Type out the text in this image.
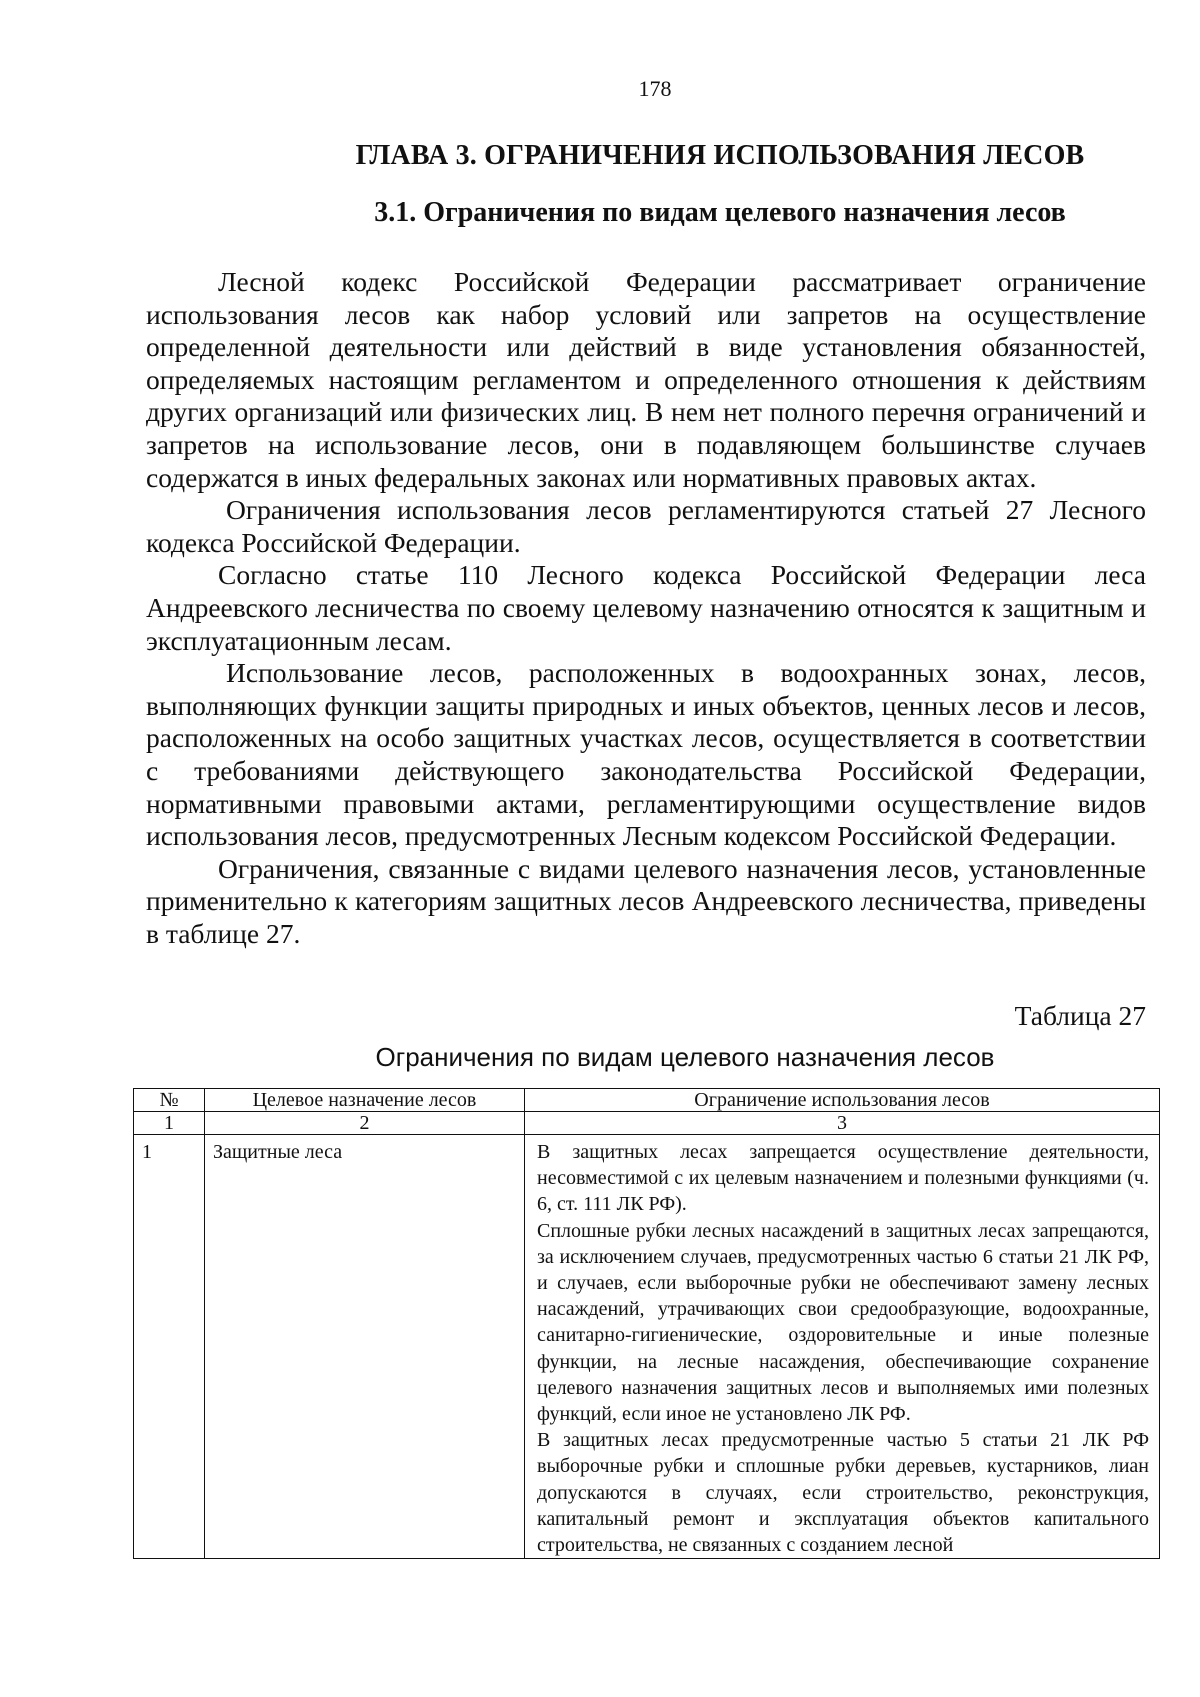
178
ГЛАВА 3. ОГРАНИЧЕНИЯ ИСПОЛЬЗОВАНИЯ ЛЕСОВ
3.1. Ограничения по видам целевого назначения лесов

Лесной кодекс Российской Федерации рассматривает ограничение использования лесов как набор условий или запретов на осуществление определенной деятельности или действий в виде установления обязанностей, определяемых настоящим регламентом и определенного отношения к действиям других организаций или физических лиц. В нем нет полного перечня ограничений и запретов на использование лесов, они в подавляющем большинстве случаев содержатся в иных федеральных законах или нормативных правовых актах.

Ограничения использования лесов регламентируются статьей 27 Лесного кодекса Российской Федерации.

Согласно статье 110 Лесного кодекса Российской Федерации леса Андреевского лесничества по своему целевому назначению относятся к защитным и эксплуатационным лесам.

Использование лесов, расположенных в водоохранных зонах, лесов, выполняющих функции защиты природных и иных объектов, ценных лесов и лесов, расположенных на особо защитных участках лесов, осуществляется в соответствии с требованиями действующего законодательства Российской Федерации, нормативными правовыми актами, регламентирующими осуществление видов использования лесов, предусмотренных Лесным кодексом Российской Федерации.

Ограничения, связанные с видами целевого назначения лесов, установленные применительно к категориям защитных лесов Андреевского лесничества, приведены в таблице 27.

Таблица 27
Ограничения по видам целевого назначения лесов
№	Целевое назначение лесов	Ограничение использования лесов
1	2	3
1	Защитные леса	В защитных лесах запрещается осуществление деятельности, несовместимой с их целевым назначением и полезными функциями (ч. 6, ст. 111 ЛК РФ).

Сплошные рубки лесных насаждений в защитных лесах запрещаются, за исключением случаев, предусмотренных частью 6 статьи 21 ЛК РФ, и случаев, если выборочные рубки не обеспечивают замену лесных насаждений, утрачивающих свои средообразующие, водоохранные, санитарно-гигиенические, оздоровительные и иные полезные функции, на лесные насаждения, обеспечивающие сохранение целевого назначения защитных лесов и выполняемых ими полезных функций, если иное не установлено ЛК РФ.

В защитных лесах предусмотренные частью 5 статьи 21 ЛК РФ выборочные рубки и сплошные рубки деревьев, кустарников, лиан допускаются в случаях, если строительство, реконструкция, капитальный ремонт и эксплуатация объектов капитального строительства, не связанных с созданием лесной
